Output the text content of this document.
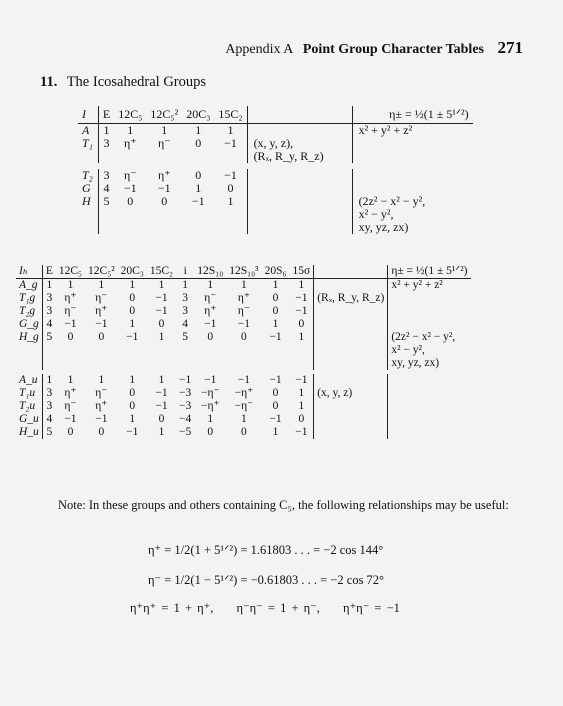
Appendix A Point Group Character Tables 271
11. The Icosahedral Groups
I	E	12C₅	12C₅²	20C₃	15C₂		η± = ½(1 ± 5¹ᐟ²)
A	1	1	1	1	1		x² + y² + z²
T₁	3	η⁺	η⁻	0	−1	(x, y, z),	
						(Rₓ, R_y, R_z)	
T₂	3	η⁻	η⁺	0	−1		
G	4	−1	−1	1	0		
H	5	0	0	−1	1		(2z² − x² − y²,
							x² − y²,
							xy, yz, zx)
Iₕ	E	12C₅	12C₅²	20C₃	15C₂	i	12S₁₀	12S₁₀³	20S₆	15σ		η± = ½(1 ± 5¹ᐟ²)
A_g	1	1	1	1	1	1	1	1	1	1		x² + y² + z²
T₁g	3	η⁺	η⁻	0	−1	3	η⁻	η⁺	0	−1	(Rₓ, R_y, R_z)	
T₂g	3	η⁻	η⁺	0	−1	3	η⁺	η⁻	0	−1		
G_g	4	−1	−1	1	0	4	−1	−1	1	0		
H_g	5	0	0	−1	1	5	0	0	−1	1		(2z² − x² − y²,
												x² − y²,
												xy, yz, zx)
A_u	1	1	1	1	1	−1	−1	−1	−1	−1		
T₁u	3	η⁺	η⁻	0	−1	−3	−η⁻	−η⁺	0	1	(x, y, z)	
T₂u	3	η⁻	η⁺	0	−1	−3	−η⁺	−η⁻	0	1		
G_u	4	−1	−1	1	0	−4	1	1	−1	0		
H_u	5	0	0	−1	1	−5	0	0	1	−1		
Note: In these groups and others containing C₅, the following relationships may be useful:
η⁺ = 1/2(1 + 5¹ᐟ²) = 1.61803 . . . = −2 cos 144°
η⁻ = 1/2(1 − 5¹ᐟ²) = −0.61803 . . . = −2 cos 72°
η⁺η⁺ = 1 + η⁺, η⁻η⁻ = 1 + η⁻, η⁺η⁻ = −1
